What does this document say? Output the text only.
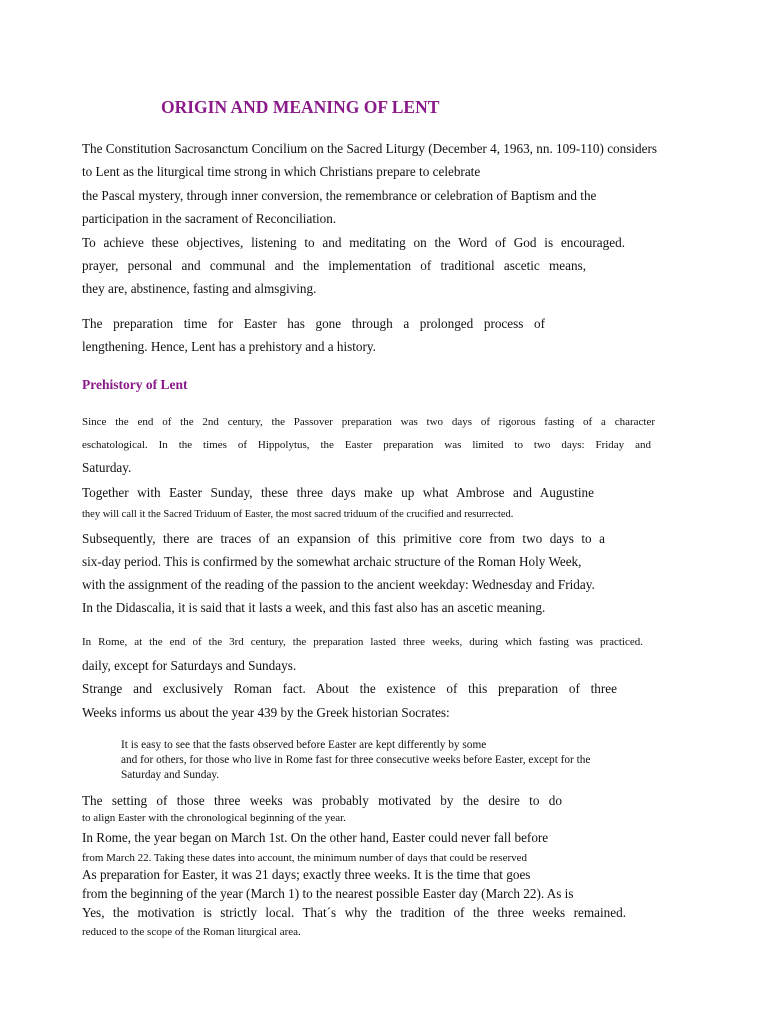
ORIGIN AND MEANING OF LENT
The Constitution Sacrosanctum Concilium on the Sacred Liturgy (December 4, 1963, nn. 109-110) considers
to Lent as the liturgical time strong in which Christians prepare to celebrate
the Pascal mystery, through inner conversion, the remembrance or celebration of Baptism and the
participation in the sacrament of Reconciliation.
To achieve these objectives, listening to and meditating on the Word of God is encouraged.
prayer, personal and communal and the implementation of traditional ascetic means,
they are, abstinence, fasting and almsgiving.
The preparation time for Easter has gone through a prolonged process of
lengthening. Hence, Lent has a prehistory and a history.
Prehistory of Lent
Since the end of the 2nd century, the Passover preparation was two days of rigorous fasting of a character
eschatological. In the times of Hippolytus, the Easter preparation was limited to two days: Friday and
Saturday.
Together with Easter Sunday, these three days make up what Ambrose and Augustine
they will call it the Sacred Triduum of Easter, the most sacred triduum of the crucified and resurrected.
Subsequently, there are traces of an expansion of this primitive core from two days to a
six-day period. This is confirmed by the somewhat archaic structure of the Roman Holy Week,
with the assignment of the reading of the passion to the ancient weekday: Wednesday and Friday.
In the Didascalia, it is said that it lasts a week, and this fast also has an ascetic meaning.
In Rome, at the end of the 3rd century, the preparation lasted three weeks, during which fasting was practiced.
daily, except for Saturdays and Sundays.
Strange and exclusively Roman fact. About the existence of this preparation of three
Weeks informs us about the year 439 by the Greek historian Socrates:
It is easy to see that the fasts observed before Easter are kept differently by some
and for others, for those who live in Rome fast for three consecutive weeks before Easter, except for the
Saturday and Sunday.
The setting of those three weeks was probably motivated by the desire to do
to align Easter with the chronological beginning of the year.
In Rome, the year began on March 1st. On the other hand, Easter could never fall before
from March 22. Taking these dates into account, the minimum number of days that could be reserved
As preparation for Easter, it was 21 days; exactly three weeks. It is the time that goes
from the beginning of the year (March 1) to the nearest possible Easter day (March 22). As is
Yes, the motivation is strictly local. That´s why the tradition of the three weeks remained.
reduced to the scope of the Roman liturgical area.
